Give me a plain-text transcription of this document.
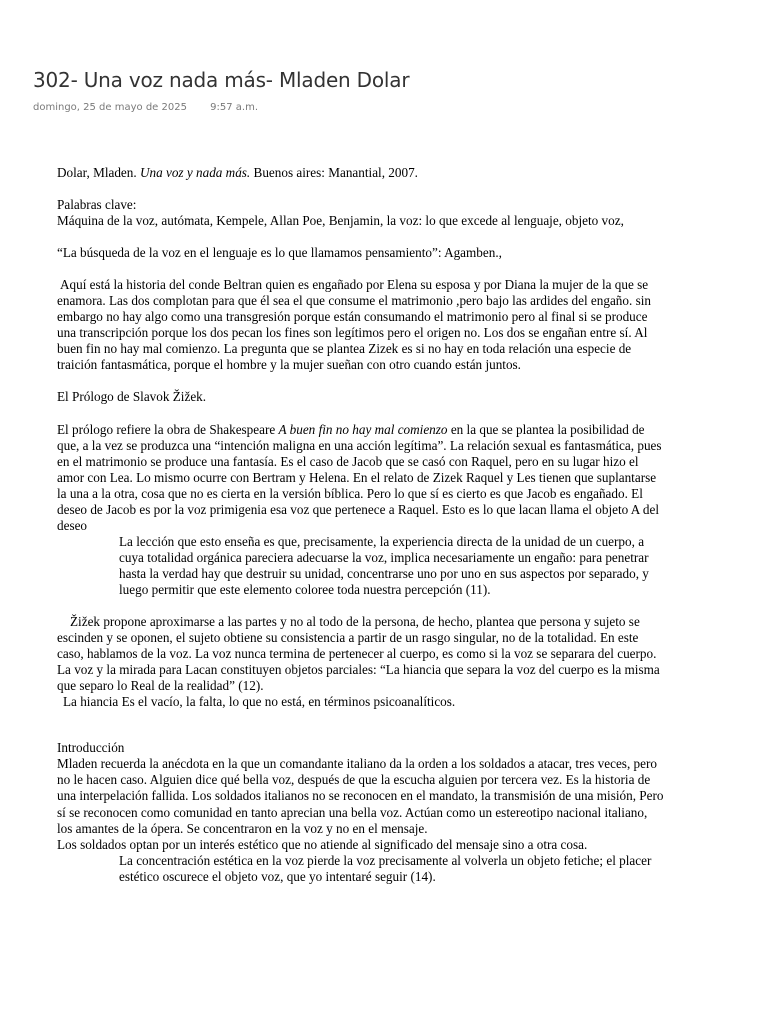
302- Una voz nada más- Mladen Dolar
domingo, 25 de mayo de 2025 9:57 a.m.

Dolar, Mladen. Una voz y nada más. Buenos aires: Manantial, 2007.

Palabras clave:

Máquina de la voz, autómata, Kempele, Allan Poe, Benjamin, la voz: lo que excede al lenguaje, objeto voz,

“La búsqueda de la voz en el lenguaje es lo que llamamos pensamiento”: Agamben.,

Aquí está la historia del conde Beltran quien es engañado por Elena su esposa y por Diana la mujer de la que se enamora. Las dos complotan para que él sea el que consume el matrimonio ,pero bajo las ardides del engaño. sin embargo no hay algo como una transgresión porque están consumando el matrimonio pero al final si se produce una transcripción porque los dos pecan los fines son legítimos pero el origen no. Los dos se engañan entre sí. Al buen fin no hay mal comienzo. La pregunta que se plantea Zizek es si no hay en toda relación una especie de traición fantasmática, porque el hombre y la mujer sueñan con otro cuando están juntos.

El Prólogo de Slavok Žižek.

El prólogo refiere la obra de Shakespeare A buen fin no hay mal comienzo en la que se plantea la posibilidad de que, a la vez se produzca una “intención maligna en una acción legítima”. La relación sexual es fantasmática, pues en el matrimonio se produce una fantasía. Es el caso de Jacob que se casó con Raquel, pero en su lugar hizo el amor con Lea. Lo mismo ocurre con Bertram y Helena. En el relato de Zizek Raquel y Les tienen que suplantarse la una a la otra, cosa que no es cierta en la versión bíblica. Pero lo que sí es cierto es que Jacob es engañado. El deseo de Jacob es por la voz primigenia esa voz que pertenece a Raquel. Esto es lo que lacan llama el objeto A del deseo

La lección que esto enseña es que, precisamente, la experiencia directa de la unidad de un cuerpo, a cuya totalidad orgánica pareciera adecuarse la voz, implica necesariamente un engaño: para penetrar hasta la verdad hay que destruir su unidad, concentrarse uno por uno en sus aspectos por separado, y luego permitir que este elemento coloree toda nuestra percepción (11).

Žižek propone aproximarse a las partes y no al todo de la persona, de hecho, plantea que persona y sujeto se escinden y se oponen, el sujeto obtiene su consistencia a partir de un rasgo singular, no de la totalidad. En este caso, hablamos de la voz. La voz nunca termina de pertenecer al cuerpo, es como si la voz se separara del cuerpo.

La voz y la mirada para Lacan constituyen objetos parciales: “La hiancia que separa la voz del cuerpo es la misma que separo lo Real de la realidad” (12).

La hiancia Es el vacío, la falta, lo que no está, en términos psicoanalíticos.

Introducción

Mladen recuerda la anécdota en la que un comandante italiano da la orden a los soldados a atacar, tres veces, pero no le hacen caso. Alguien dice qué bella voz, después de que la escucha alguien por tercera vez. Es la historia de una interpelación fallida. Los soldados italianos no se reconocen en el mandato, la transmisión de una misión, Pero sí se reconocen como comunidad en tanto aprecian una bella voz. Actúan como un estereotipo nacional italiano, los amantes de la ópera. Se concentraron en la voz y no en el mensaje.

Los soldados optan por un interés estético que no atiende al significado del mensaje sino a otra cosa.

La concentración estética en la voz pierde la voz precisamente al volverla un objeto fetiche; el placer estético oscurece el objeto voz, que yo intentaré seguir (14).
